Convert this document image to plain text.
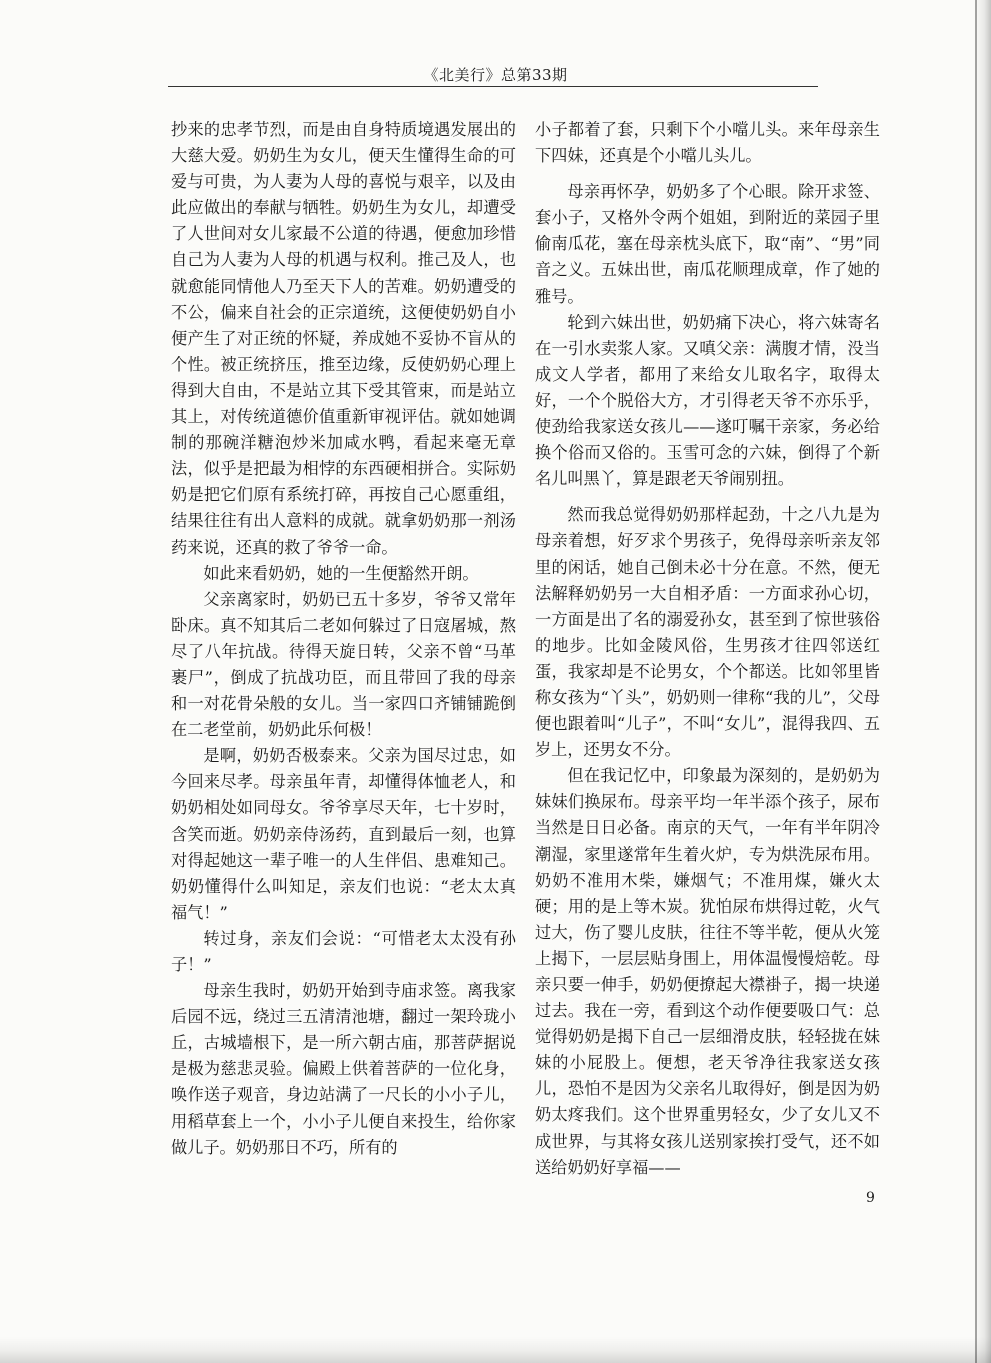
《北美行》总第33期

抄来的忠孝节烈，而是由自身特质境遇发展出的大慈大爱。奶奶生为女儿，便天生懂得生命的可爱与可贵，为人妻为人母的喜悦与艰辛，以及由此应做出的奉献与牺牲。奶奶生为女儿，却遭受了人世间对女儿家最不公道的待遇，便愈加珍惜自己为人妻为人母的机遇与权利。推己及人，也就愈能同情他人乃至天下人的苦难。奶奶遭受的不公，偏来自社会的正宗道统，这便使奶奶自小便产生了对正统的怀疑，养成她不妥协不盲从的个性。被正统挤压，推至边缘，反使奶奶心理上得到大自由，不是站立其下受其管束，而是站立其上，对传统道德价值重新审视评估。就如她调制的那碗洋糖泡炒米加咸水鸭，看起来毫无章法，似乎是把最为相悖的东西硬相拼合。实际奶奶是把它们原有系统打碎，再按自己心愿重组，结果往往有出人意料的成就。就拿奶奶那一剂汤药来说，还真的救了爷爷一命。

如此来看奶奶，她的一生便豁然开朗。

父亲离家时，奶奶已五十多岁，爷爷又常年卧床。真不知其后二老如何躲过了日寇屠城，熬尽了八年抗战。待得天旋日转，父亲不曾“马革裹尸”，倒成了抗战功臣，而且带回了我的母亲和一对花骨朵般的女儿。当一家四口齐铺铺跪倒在二老堂前，奶奶此乐何极！

是啊，奶奶否极泰来。父亲为国尽过忠，如今回来尽孝。母亲虽年青，却懂得体恤老人，和奶奶相处如同母女。爷爷享尽天年，七十岁时，含笑而逝。奶奶亲侍汤药，直到最后一刻，也算对得起她这一辈子唯一的人生伴侣、患难知己。奶奶懂得什么叫知足，亲友们也说：“老太太真福气！”

转过身，亲友们会说：“可惜老太太没有孙子！”

母亲生我时，奶奶开始到寺庙求签。离我家后园不远，绕过三五清清池塘，翻过一架玲珑小丘，古城墙根下，是一所六朝古庙，那菩萨据说是极为慈悲灵验。偏殿上供着菩萨的一位化身，唤作送子观音，身边站满了一尺长的小小子儿，用稻草套上一个，小小子儿便自来投生，给你家做儿子。奶奶那日不巧，所有的

小子都着了套，只剩下个小噹儿头。来年母亲生下四妹，还真是个小噹儿头儿。

母亲再怀孕，奶奶多了个心眼。除开求签、套小子，又格外令两个姐姐，到附近的菜园子里偷南瓜花，塞在母亲枕头底下，取“南”、“男”同音之义。五妹出世，南瓜花顺理成章，作了她的雅号。

轮到六妹出世，奶奶痛下决心，将六妹寄名在一引水卖浆人家。又嗔父亲：满腹才情，没当成文人学者，都用了来给女儿取名字，取得太好，一个个脱俗大方，才引得老天爷不亦乐乎，使劲给我家送女孩儿——遂叮嘱干亲家，务必给换个俗而又俗的。玉雪可念的六妹，倒得了个新名儿叫黑丫，算是跟老天爷闹别扭。

然而我总觉得奶奶那样起劲，十之八九是为母亲着想，好歹求个男孩子，免得母亲听亲友邻里的闲话，她自己倒未必十分在意。不然，便无法解释奶奶另一大自相矛盾：一方面求孙心切，一方面是出了名的溺爱孙女，甚至到了惊世骇俗的地步。比如金陵风俗，生男孩才往四邻送红蛋，我家却是不论男女，个个都送。比如邻里皆称女孩为“丫头”，奶奶则一律称“我的儿”，父母便也跟着叫“儿子”，不叫“女儿”，混得我四、五岁上，还男女不分。

但在我记忆中，印象最为深刻的，是奶奶为妹妹们换尿布。母亲平均一年半添个孩子，尿布当然是日日必备。南京的天气，一年有半年阴冷潮湿，家里遂常年生着火炉，专为烘洗尿布用。奶奶不准用木柴，嫌烟气；不准用煤，嫌火太硬；用的是上等木炭。犹怕尿布烘得过乾，火气过大，伤了婴儿皮肤，往往不等半乾，便从火笼上揭下，一层层贴身围上，用体温慢慢焙乾。母亲只要一伸手，奶奶便撩起大襟褂子，揭一块递过去。我在一旁，看到这个动作便要吸口气：总觉得奶奶是揭下自己一层细滑皮肤，轻轻拢在妹妹的小屁股上。便想，老天爷净往我家送女孩儿，恐怕不是因为父亲名儿取得好，倒是因为奶奶太疼我们。这个世界重男轻女，少了女儿又不成世界，与其将女孩儿送别家挨打受气，还不如送给奶奶好享福——

9
